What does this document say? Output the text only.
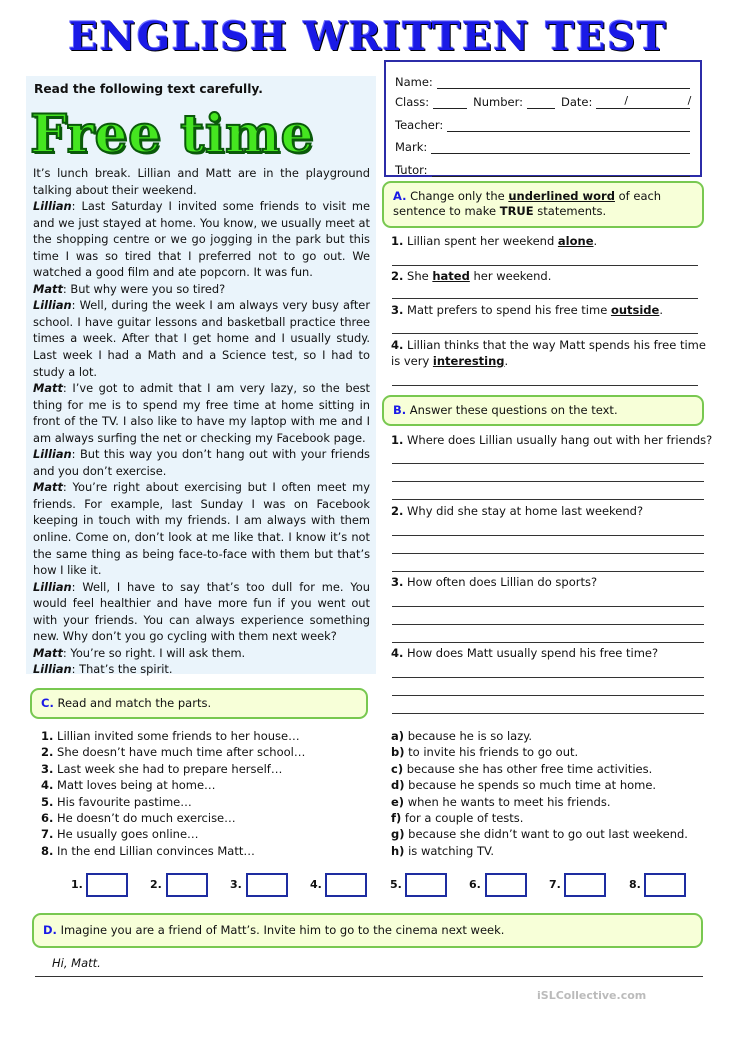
ENGLISH WRITTEN TEST
Read the following text carefully.
Free time

It’s lunch break. Lillian and Matt are in the playground talking about their weekend.

Lillian: Last Saturday I invited some friends to visit me and we just stayed at home. You know, we usually meet at the shopping centre or we go jogging in the park but this time I was so tired that I preferred not to go out. We watched a good film and ate popcorn. It was fun.

Matt: But why were you so tired?

Lillian: Well, during the week I am always very busy after school. I have guitar lessons and basketball practice three times a week. After that I get home and I usually study. Last week I had a Math and a Science test, so I had to study a lot.

Matt: I’ve got to admit that I am very lazy, so the best thing for me is to spend my free time at home sitting in front of the TV. I also like to have my laptop with me and I am always surfing the net or checking my Facebook page.

Lillian: But this way you don’t hang out with your friends and you don’t exercise.

Matt: You’re right about exercising but I often meet my friends. For example, last Sunday I was on Facebook keeping in touch with my friends. I am always with them online. Come on, don’t look at me like that. I know it’s not the same thing as being face-to-face with them but that’s how I like it.

Lillian: Well, I have to say that’s too dull for me. You would feel healthier and have more fun if you went out with your friends. You can always experience something new. Why don’t you go cycling with them next week?

Matt: You’re so right. I will ask them.

Lillian: That’s the spirit.

Name:
Class:	Number:	Date:	/ /
Teacher:
Mark:
Tutor:
A. Change only the underlined word of each sentence to make TRUE statements.
1. Lillian spent her weekend alone.
2. She hated her weekend.
3. Matt prefers to spend his free time outside.
4. Lillian thinks that the way Matt spends his free time
is very interesting.
B. Answer these questions on the text.
1. Where does Lillian usually hang out with her friends?
2. Why did she stay at home last weekend?
3. How often does Lillian do sports?
4. How does Matt usually spend his free time?
C. Read and match the parts.
1. Lillian invited some friends to her house…
2. She doesn’t have much time after school…
3. Last week she had to prepare herself…
4. Matt loves being at home…
5. His favourite pastime…
6. He doesn’t do much exercise…
7. He usually goes online…
8. In the end Lillian convinces Matt…
a) because he is so lazy.
b) to invite his friends to go out.
c) because she has other free time activities.
d) because he spends so much time at home.
e) when he wants to meet his friends.
f) for a couple of tests.
g) because she didn’t want to go out last weekend.
h) is watching TV.
1.	2.	3.	4.	5.	6.	7.	8.
D. Imagine you are a friend of Matt’s. Invite him to go to the cinema next week.
Hi, Matt.
iSLCollective.com
